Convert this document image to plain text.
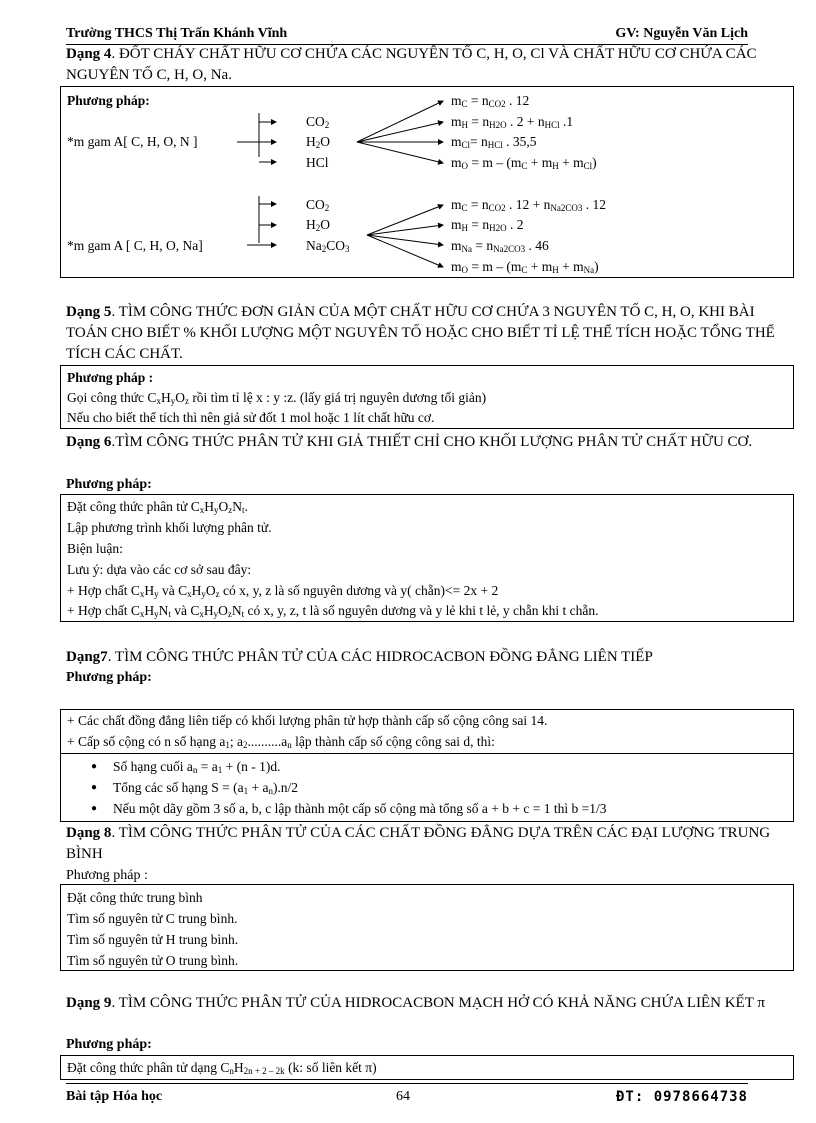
Trường THCS Thị Trấn Khánh Vĩnh	GV: Nguyễn Văn Lịch
Dạng 4. ĐỐT CHÁY CHẤT HỮU CƠ CHỨA CÁC NGUYÊN TỐ C, H, O, Cl VÀ CHẤT HỮU CƠ CHỨA CÁC NGUYÊN TỐ C, H, O, Na.
Phương pháp:
*m gam A[ C, H, O, N ]
*m gam A [ C, H, O, Na]
$CO_2$
$H_2O$
HCl
$CO_2$
$H_2O$
$Na_2CO_3$
$m_C = n_{CO2}$ . 12
$m_H = n_{H2O}$ . $2 + n_{HCl}$ .1
$m_{Cl}= n_{HCl}$ . 35,5
$m_O = m - (m_C + m_H + m_{Cl})$
$m_C = n_{CO2}$ . $12 + n_{Na2CO3}$ . 12
$m_H = n_{H2O}$ . 2
$m_{Na} = n_{Na2CO3}$ . 46
$m_O = m - (m_C + m_H + m_{Na})$
Dạng 5. TÌM CÔNG THỨC ĐƠN GIẢN CỦA MỘT CHẤT HỮU CƠ CHỨA 3 NGUYÊN TỐ C, H, O, KHI BÀI TOÁN CHO BIẾT % KHỐI LƯỢNG MỘT NGUYÊN TỐ HOẶC CHO BIẾT TỈ LỆ THỂ TÍCH HOẶC TỔNG THỂ TÍCH CÁC CHẤT.
Phương pháp :
Gọi công thức $C_xH_yO_z$ rồi tìm tỉ lệ x : y :z. (lấy giá trị nguyên dương tối giản)
Nếu cho biết thể tích thì nên giả sử đốt 1 mol hoặc 1 lít chất hữu cơ.
Dạng 6.TÌM CÔNG THỨC PHÂN TỬ KHI GIẢ THIẾT CHỈ CHO KHỐI LƯỢNG PHÂN TỬ CHẤT HỮU CƠ.
Phương pháp:
Đặt công thức phân tử $C_xH_yO_zN_t$.
Lập phương trình khối lượng phân tử.
Biện luận:
Lưu ý: dựa vào các cơ sở sau đây:
+ Hợp chất $C_xH_y$ và $C_xH_yO_z$ có x, y, z là số nguyên dương và y( chẵn)<= 2x + 2
+ Hợp chất $C_xH_yN_t$ và $C_xH_yO_zN_t$ có x, y, z, t là số nguyên dương và y lẻ khi t lẻ, y chẵn khi t chẵn.
Dạng7. TÌM CÔNG THỨC PHÂN TỬ CỦA CÁC HIDROCACBON ĐỒNG ĐẲNG LIÊN TIẾP
Phương pháp:
+ Các chất đồng đẳng liên tiếp có khối lượng phân tử hợp thành cấp số cộng công sai 14.
+ Cấp số cộng có n số hạng $a_1$; $a_2..........a_n$ lập thành cấp số cộng công sai d, thì:
● Số hạng cuối $a_n = a_1 + (n - 1)d$.
● Tổng các số hạng $S = (a_1 + a_n).n/2$
● Nếu một dãy gồm 3 số a, b, c lập thành một cấp số cộng mà tổng số a + b + c = 1 thì b =1/3
Dạng 8. TÌM CÔNG THỨC PHÂN TỬ CỦA CÁC CHẤT ĐỒNG ĐẲNG DỰA TRÊN CÁC ĐẠI LƯỢNG TRUNG BÌNH
Phương pháp :
Đặt công thức trung bình
Tìm số nguyên tử C trung bình.
Tìm số nguyên tử H trung bình.
Tìm số nguyên tử O trung bình.
Dạng 9. TÌM CÔNG THỨC PHÂN TỬ CỦA HIDROCACBON MẠCH HỞ CÓ KHẢ NĂNG CHỨA LIÊN KẾT π
Phương pháp:
Đặt công thức phân tử dạng $C_nH_{2n + 2 - 2k}$ (k: số liên kết π)
Bài tập Hóa học	64	ĐT: 0978664738
